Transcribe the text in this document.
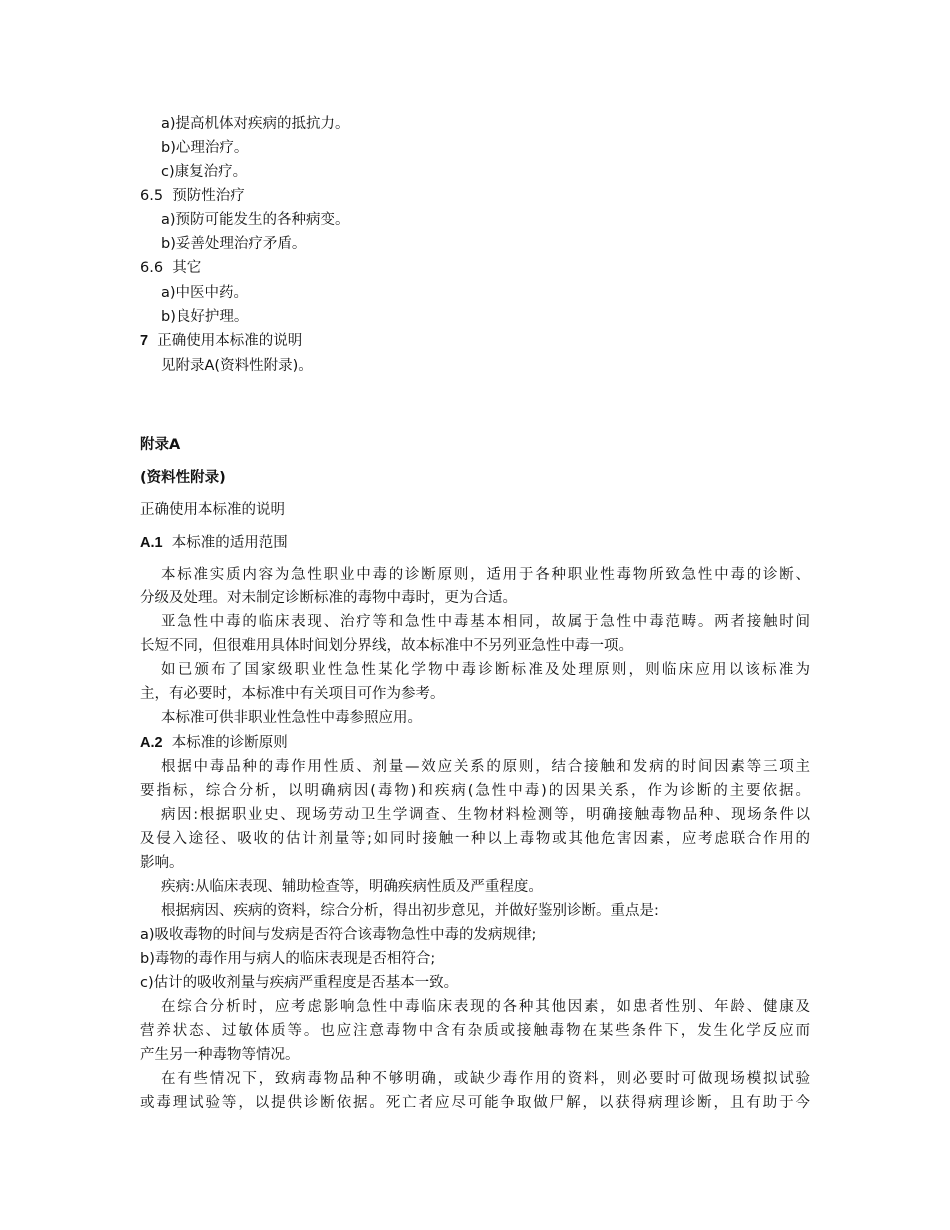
a)提高机体对疾病的抵抗力。
b)心理治疗。
c)康复治疗。
6.5 预防性治疗
a)预防可能发生的各种病变。
b)妥善处理治疗矛盾。
6.6 其它
a)中医中药。
b)良好护理。
7 正确使用本标准的说明
见附录A(资料性附录)。
附录A
(资料性附录)
正确使用本标准的说明
A.1 本标准的适用范围
本标准实质内容为急性职业中毒的诊断原则，适用于各种职业性毒物所致急性中毒的诊断、
分级及处理。对未制定诊断标准的毒物中毒时，更为合适。
亚急性中毒的临床表现、治疗等和急性中毒基本相同，故属于急性中毒范畴。两者接触时间
长短不同，但很难用具体时间划分界线，故本标准中不另列亚急性中毒一项。
如已颁布了国家级职业性急性某化学物中毒诊断标准及处理原则，则临床应用以该标准为
主，有必要时，本标准中有关项目可作为参考。
本标准可供非职业性急性中毒参照应用。
A.2 本标准的诊断原则
根据中毒品种的毒作用性质、剂量—效应关系的原则，结合接触和发病的时间因素等三项主
要指标，综合分析，以明确病因(毒物)和疾病(急性中毒)的因果关系，作为诊断的主要依据。
病因:根据职业史、现场劳动卫生学调查、生物材料检测等，明确接触毒物品种、现场条件以
及侵入途径、吸收的估计剂量等;如同时接触一种以上毒物或其他危害因素，应考虑联合作用的
影响。
疾病:从临床表现、辅助检查等，明确疾病性质及严重程度。
根据病因、疾病的资料，综合分析，得出初步意见，并做好鉴别诊断。重点是:
a)吸收毒物的时间与发病是否符合该毒物急性中毒的发病规律;
b)毒物的毒作用与病人的临床表现是否相符合;
c)估计的吸收剂量与疾病严重程度是否基本一致。
在综合分析时，应考虑影响急性中毒临床表现的各种其他因素，如患者性别、年龄、健康及
营养状态、过敏体质等。也应注意毒物中含有杂质或接触毒物在某些条件下，发生化学反应而
产生另一种毒物等情况。
在有些情况下，致病毒物品种不够明确，或缺少毒作用的资料，则必要时可做现场模拟试验
或毒理试验等，以提供诊断依据。死亡者应尽可能争取做尸解，以获得病理诊断，且有助于今
